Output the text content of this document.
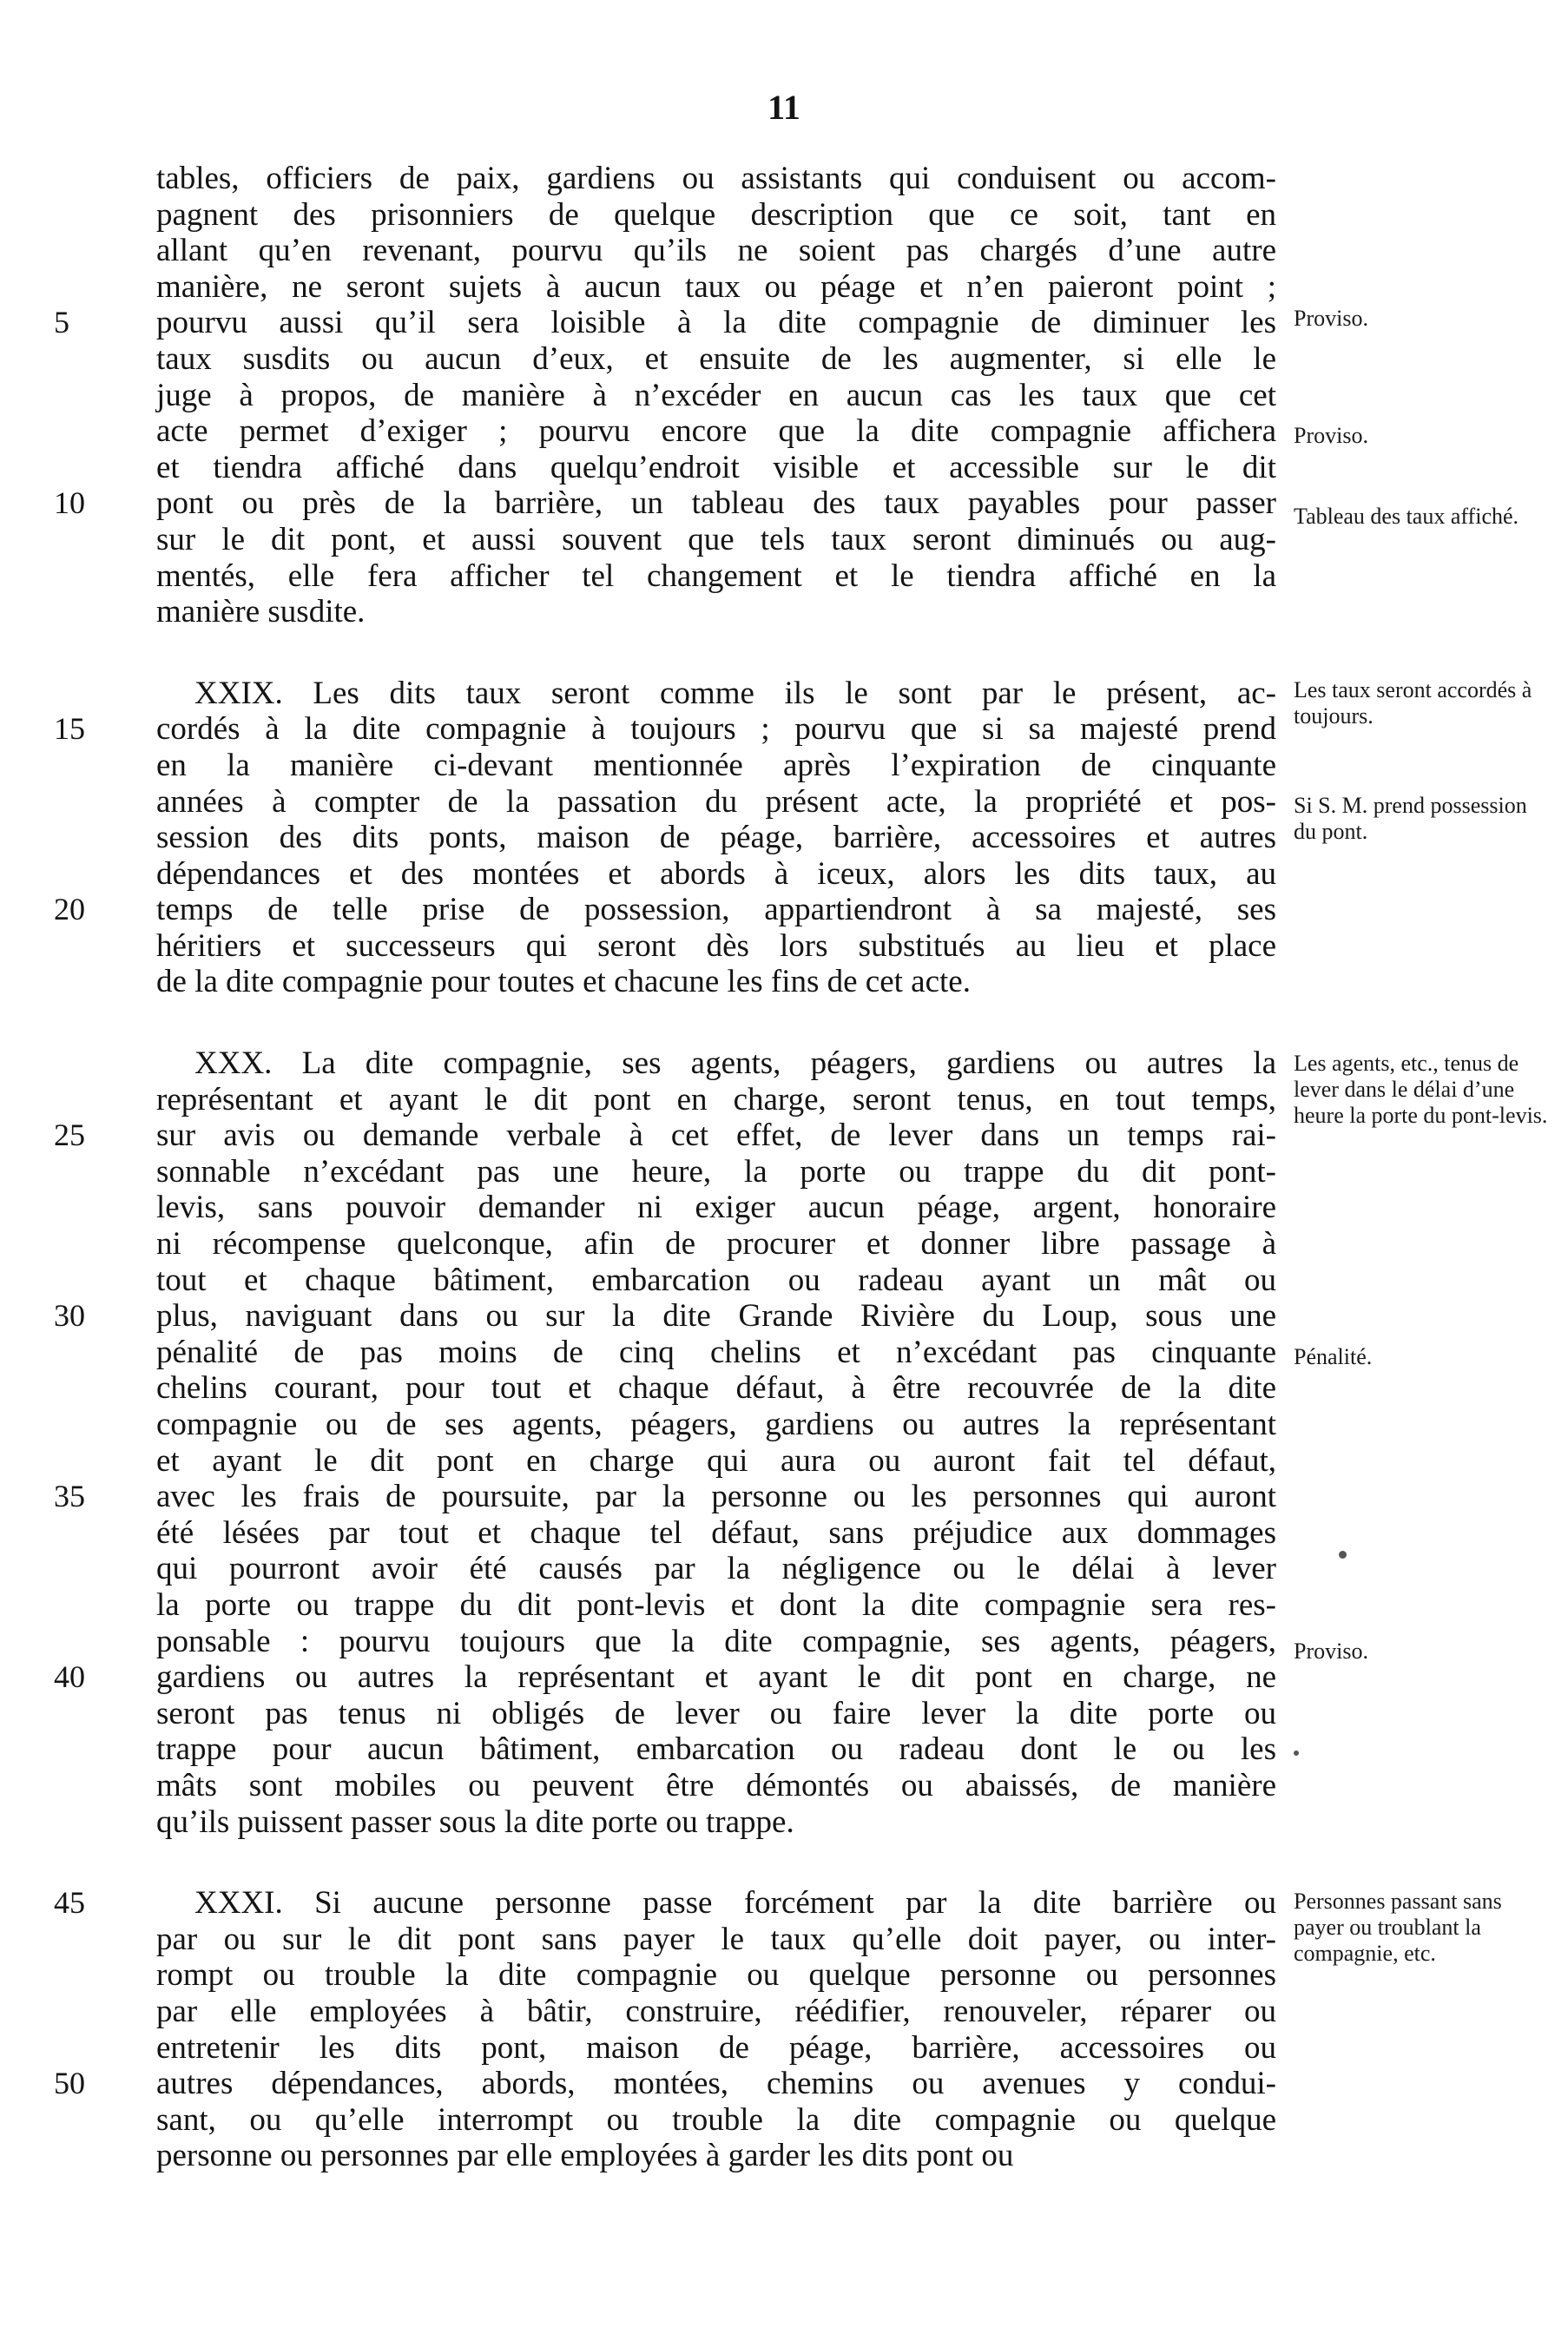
11
tables, officiers de paix, gardiens ou assistants qui conduisent ou accom-
pagnent des prisonniers de quelque description que ce soit, tant en
allant qu’en revenant, pourvu qu’ils ne soient pas chargés d’une autre
manière, ne seront sujets à aucun taux ou péage et n’en paieront point ;
5	pourvu aussi qu’il sera loisible à la dite compagnie de diminuer les
taux susdits ou aucun d’eux, et ensuite de les augmenter, si elle le
juge à propos, de manière à n’excéder en aucun cas les taux que cet
acte permet d’exiger ; pourvu encore que la dite compagnie affichera
et tiendra affiché dans quelqu’endroit visible et accessible sur le dit
10	pont ou près de la barrière, un tableau des taux payables pour passer
sur le dit pont, et aussi souvent que tels taux seront diminués ou aug-
mentés, elle fera afficher tel changement et le tiendra affiché en la
manière susdite.
XXIX. Les dits taux seront comme ils le sont par le présent, ac-
15	cordés à la dite compagnie à toujours ; pourvu que si sa majesté prend
en la manière ci-devant mentionnée après l’expiration de cinquante
années à compter de la passation du présent acte, la propriété et pos-
session des dits ponts, maison de péage, barrière, accessoires et autres
dépendances et des montées et abords à iceux, alors les dits taux, au
20	temps de telle prise de possession, appartiendront à sa majesté, ses
héritiers et successeurs qui seront dès lors substitués au lieu et place
de la dite compagnie pour toutes et chacune les fins de cet acte.
XXX. La dite compagnie, ses agents, péagers, gardiens ou autres la
représentant et ayant le dit pont en charge, seront tenus, en tout temps,
25	sur avis ou demande verbale à cet effet, de lever dans un temps rai-
sonnable n’excédant pas une heure, la porte ou trappe du dit pont-
levis, sans pouvoir demander ni exiger aucun péage, argent, honoraire
ni récompense quelconque, afin de procurer et donner libre passage à
tout et chaque bâtiment, embarcation ou radeau ayant un mât ou
30	plus, naviguant dans ou sur la dite Grande Rivière du Loup, sous une
pénalité de pas moins de cinq chelins et n’excédant pas cinquante
chelins courant, pour tout et chaque défaut, à être recouvrée de la dite
compagnie ou de ses agents, péagers, gardiens ou autres la représentant
et ayant le dit pont en charge qui aura ou auront fait tel défaut,
35	avec les frais de poursuite, par la personne ou les personnes qui auront
été lésées par tout et chaque tel défaut, sans préjudice aux dommages
qui pourront avoir été causés par la négligence ou le délai à lever
la porte ou trappe du dit pont-levis et dont la dite compagnie sera res-
ponsable : pourvu toujours que la dite compagnie, ses agents, péagers,
40	gardiens ou autres la représentant et ayant le dit pont en charge, ne
seront pas tenus ni obligés de lever ou faire lever la dite porte ou
trappe pour aucun bâtiment, embarcation ou radeau dont le ou les
mâts sont mobiles ou peuvent être démontés ou abaissés, de manière
qu’ils puissent passer sous la dite porte ou trappe.
45	XXXI. Si aucune personne passe forcément par la dite barrière ou
par ou sur le dit pont sans payer le taux qu’elle doit payer, ou inter-
rompt ou trouble la dite compagnie ou quelque personne ou personnes
par elle employées à bâtir, construire, réédifier, renouveler, réparer ou
entretenir les dits pont, maison de péage, barrière, accessoires ou
50	autres dépendances, abords, montées, chemins ou avenues y condui-
sant, ou qu’elle interrompt ou trouble la dite compagnie ou quelque
personne ou personnes par elle employées à garder les dits pont ou
Proviso.
Proviso.
Tableau des taux affiché.
Les taux seront accordés à toujours.
Si S. M. prend possession du pont.
Les agents, etc., tenus de lever dans le délai d’une heure la porte du pont-levis.
Pénalité.
Proviso.
Personnes passant sans payer ou troublant la compagnie, etc.
